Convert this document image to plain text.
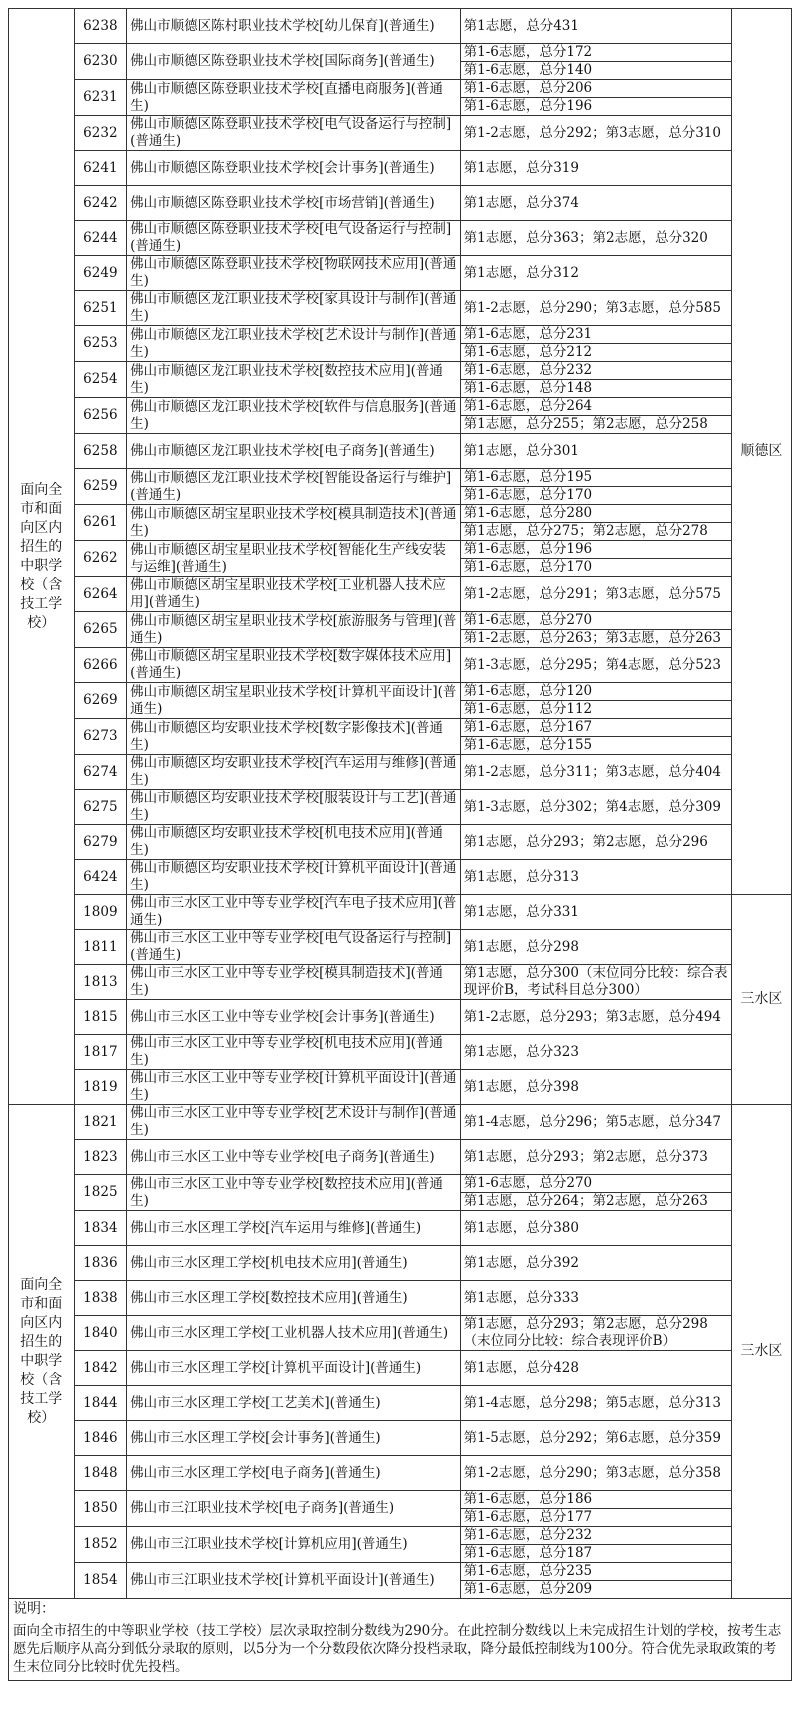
面向全市和面向区内招生的中职学校（含技工学校）	6238	佛山市顺德区陈村职业技术学校[幼儿保育](普通生)	第1志愿，总分431	顺德区
	6230	佛山市顺德区陈登职业技术学校[国际商务](普通生)	第1-6志愿，总分172	
			第1-6志愿，总分140	
	6231	佛山市顺德区陈登职业技术学校[直播电商服务](普通生)	第1-6志愿，总分206	
			第1-6志愿，总分196	
	6232	佛山市顺德区陈登职业技术学校[电气设备运行与控制](普通生)	第1-2志愿，总分292；第3志愿，总分310	
	6241	佛山市顺德区陈登职业技术学校[会计事务](普通生)	第1志愿，总分319	
	6242	佛山市顺德区陈登职业技术学校[市场营销](普通生)	第1志愿，总分374	
	6244	佛山市顺德区陈登职业技术学校[电气设备运行与控制](普通生)	第1志愿，总分363；第2志愿，总分320	
	6249	佛山市顺德区陈登职业技术学校[物联网技术应用](普通生)	第1志愿，总分312	
	6251	佛山市顺德区龙江职业技术学校[家具设计与制作](普通生)	第1-2志愿，总分290；第3志愿，总分585	
	6253	佛山市顺德区龙江职业技术学校[艺术设计与制作](普通生)	第1-6志愿，总分231	
			第1-6志愿，总分212	
	6254	佛山市顺德区龙江职业技术学校[数控技术应用](普通生)	第1-6志愿，总分232	
			第1-6志愿，总分148	
	6256	佛山市顺德区龙江职业技术学校[软件与信息服务](普通生)	第1-6志愿，总分264	
			第1志愿，总分255；第2志愿，总分258	
	6258	佛山市顺德区龙江职业技术学校[电子商务](普通生)	第1志愿，总分301	
	6259	佛山市顺德区龙江职业技术学校[智能设备运行与维护](普通生)	第1-6志愿，总分195	
			第1-6志愿，总分170	
	6261	佛山市顺德区胡宝星职业技术学校[模具制造技术](普通生)	第1-6志愿，总分280	
			第1志愿，总分275；第2志愿，总分278	
	6262	佛山市顺德区胡宝星职业技术学校[智能化生产线安装与运维](普通生)	第1-6志愿，总分196	
			第1-6志愿，总分170	
	6264	佛山市顺德区胡宝星职业技术学校[工业机器人技术应用](普通生)	第1-2志愿，总分291；第3志愿，总分575	
	6265	佛山市顺德区胡宝星职业技术学校[旅游服务与管理](普通生)	第1-6志愿，总分270	
			第1-2志愿，总分263；第3志愿，总分263	
	6266	佛山市顺德区胡宝星职业技术学校[数字媒体技术应用](普通生)	第1-3志愿，总分295；第4志愿，总分523	
	6269	佛山市顺德区胡宝星职业技术学校[计算机平面设计](普通生)	第1-6志愿，总分120	
			第1-6志愿，总分112	
	6273	佛山市顺德区均安职业技术学校[数字影像技术](普通生)	第1-6志愿，总分167	
			第1-6志愿，总分155	
	6274	佛山市顺德区均安职业技术学校[汽车运用与维修](普通生)	第1-2志愿，总分311；第3志愿，总分404	
	6275	佛山市顺德区均安职业技术学校[服装设计与工艺](普通生)	第1-3志愿，总分302；第4志愿，总分309	
	6279	佛山市顺德区均安职业技术学校[机电技术应用](普通生)	第1志愿，总分293；第2志愿，总分296	
	6424	佛山市顺德区均安职业技术学校[计算机平面设计](普通生)	第1志愿，总分313	
	1809	佛山市三水区工业中等专业学校[汽车电子技术应用](普通生)	第1志愿，总分331	三水区
	1811	佛山市三水区工业中等专业学校[电气设备运行与控制](普通生)	第1志愿，总分298	
	1813	佛山市三水区工业中等专业学校[模具制造技术](普通生)	第1志愿，总分300（末位同分比较：综合表现评价B，考试科目总分300）	
	1815	佛山市三水区工业中等专业学校[会计事务](普通生)	第1-2志愿，总分293；第3志愿，总分494	
	1817	佛山市三水区工业中等专业学校[机电技术应用](普通生)	第1志愿，总分323	
	1819	佛山市三水区工业中等专业学校[计算机平面设计](普通生)	第1志愿，总分398	
面向全市和面向区内招生的中职学校（含技工学校）	1821	佛山市三水区工业中等专业学校[艺术设计与制作](普通生)	第1-4志愿，总分296；第5志愿，总分347	三水区
	1823	佛山市三水区工业中等专业学校[电子商务](普通生)	第1志愿，总分293；第2志愿，总分373	
	1825	佛山市三水区工业中等专业学校[数控技术应用](普通生)	第1-6志愿，总分270	
			第1志愿，总分264；第2志愿，总分263	
	1834	佛山市三水区理工学校[汽车运用与维修](普通生)	第1志愿，总分380	
	1836	佛山市三水区理工学校[机电技术应用](普通生)	第1志愿，总分392	
	1838	佛山市三水区理工学校[数控技术应用](普通生)	第1志愿，总分333	
	1840	佛山市三水区理工学校[工业机器人技术应用](普通生)	第1志愿，总分293；第2志愿，总分298（末位同分比较：综合表现评价B）	
	1842	佛山市三水区理工学校[计算机平面设计](普通生)	第1志愿，总分428	
	1844	佛山市三水区理工学校[工艺美术](普通生)	第1-4志愿，总分298；第5志愿，总分313	
	1846	佛山市三水区理工学校[会计事务](普通生)	第1-5志愿，总分292；第6志愿，总分359	
	1848	佛山市三水区理工学校[电子商务](普通生)	第1-2志愿，总分290；第3志愿，总分358	
	1850	佛山市三江职业技术学校[电子商务](普通生)	第1-6志愿，总分186	
			第1-6志愿，总分177	
	1852	佛山市三江职业技术学校[计算机应用](普通生)	第1-6志愿，总分232	
			第1-6志愿，总分187	
	1854	佛山市三江职业技术学校[计算机平面设计](普通生)	第1-6志愿，总分235	
			第1-6志愿，总分209	
说明：				
面向全市招生的中等职业学校（技工学校）层次录取控制分数线为290分。在此控制分数线以上未完成招生计划的学校，按考生志愿先后顺序从高分到低分录取的原则，以5分为一个分数段依次降分投档录取，降分最低控制线为100分。符合优先录取政策的考生末位同分比较时优先投档。				
